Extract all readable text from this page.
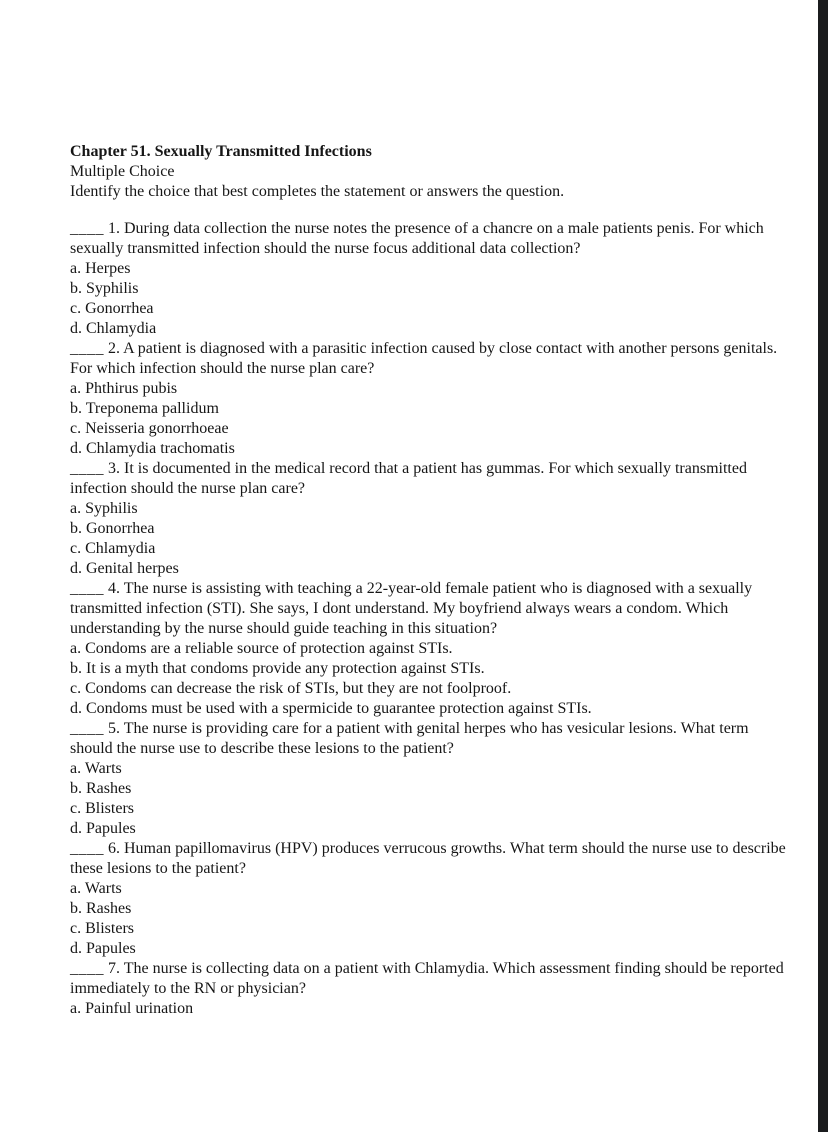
Chapter 51. Sexually Transmitted Infections

Multiple Choice

Identify the choice that best completes the statement or answers the question.

____ 1. During data collection the nurse notes the presence of a chancre on a male patients penis. For which sexually transmitted infection should the nurse focus additional data collection?

a. Herpes

b. Syphilis

c. Gonorrhea

d. Chlamydia

____ 2. A patient is diagnosed with a parasitic infection caused by close contact with another persons genitals. For which infection should the nurse plan care?

a. Phthirus pubis

b. Treponema pallidum

c. Neisseria gonorrhoeae

d. Chlamydia trachomatis

____ 3. It is documented in the medical record that a patient has gummas. For which sexually transmitted infection should the nurse plan care?

a. Syphilis

b. Gonorrhea

c. Chlamydia

d. Genital herpes

____ 4. The nurse is assisting with teaching a 22-year-old female patient who is diagnosed with a sexually transmitted infection (STI). She says, I dont understand. My boyfriend always wears a condom. Which understanding by the nurse should guide teaching in this situation?

a. Condoms are a reliable source of protection against STIs.

b. It is a myth that condoms provide any protection against STIs.

c. Condoms can decrease the risk of STIs, but they are not foolproof.

d. Condoms must be used with a spermicide to guarantee protection against STIs.

____ 5. The nurse is providing care for a patient with genital herpes who has vesicular lesions. What term should the nurse use to describe these lesions to the patient?

a. Warts

b. Rashes

c. Blisters

d. Papules

____ 6. Human papillomavirus (HPV) produces verrucous growths. What term should the nurse use to describe these lesions to the patient?

a. Warts

b. Rashes

c. Blisters

d. Papules

____ 7. The nurse is collecting data on a patient with Chlamydia. Which assessment finding should be reported immediately to the RN or physician?

a. Painful urination
